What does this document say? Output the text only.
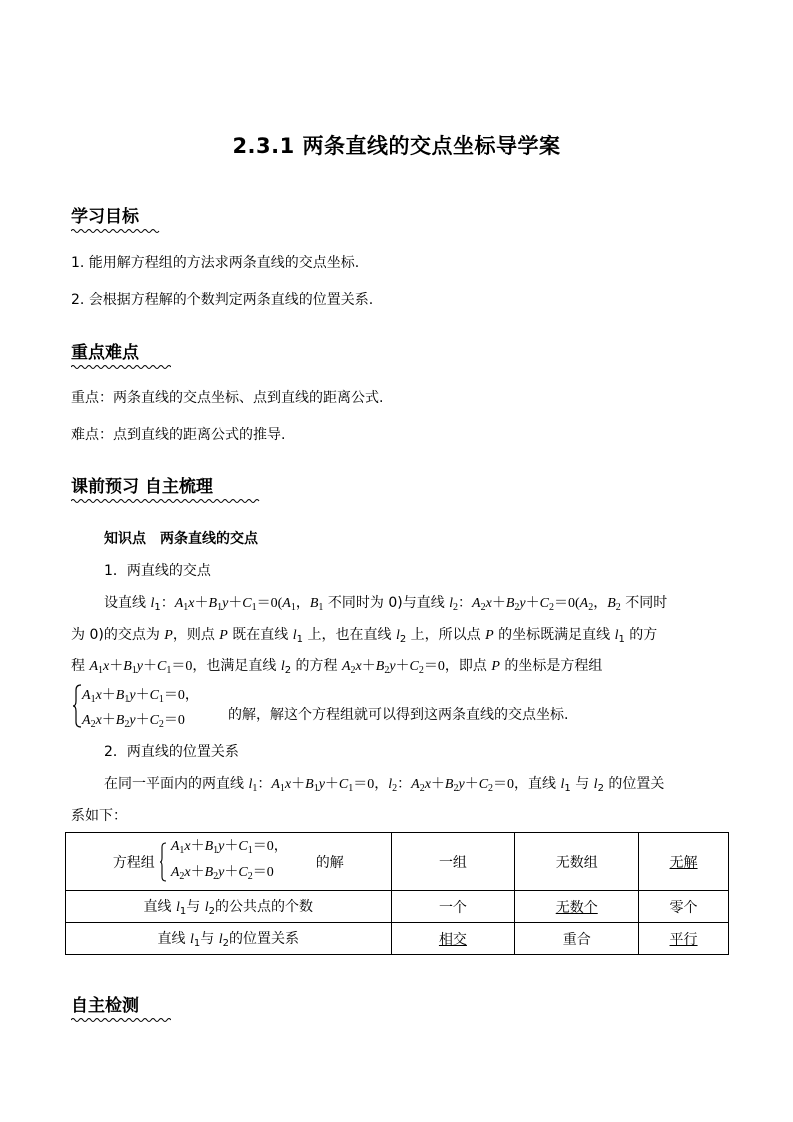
2.3.1 两条直线的交点坐标导学案
学习目标
1. 能用解方程组的方法求两条直线的交点坐标.
2. 会根据方程解的个数判定两条直线的位置关系.
重点难点
重点：两条直线的交点坐标、点到直线的距离公式.
难点：点到直线的距离公式的推导.
课前预习 自主梳理
知识点　两条直线的交点
1．两直线的交点
设直线 $l_1$：$A_1x+B_1y+C_1=0(A_1$，$B_1$ 不同时为 0)与直线 $l_2$：$A_2x+B_2y+C_2=0(A_2$，$B_2$ 不同时
为 0)的交点为 P，则点 P 既在直线 $l_1$ 上，也在直线 $l_2$ 上，所以点 P 的坐标既满足直线 $l_1$ 的方
程 $A_1x+B_1y+C_1=0$，也满足直线 $l_2$ 的方程 $A_2x+B_2y+C_2=0$，即点 P 的坐标是方程组
$A_1x+B_1y+C_1=0$，
$A_2x+B_2y+C_2=0$	的解，解这个方程组就可以得到这两条直线的交点坐标.
2．两直线的位置关系
在同一平面内的两直线 $l_1$：$A_1x+B_1y+C_1=0$，$l_2$：$A_2x+B_2y+C_2=0$，直线 $l_1$ 与 $l_2$ 的位置关
系如下：
方程组
$A_1x+B_1y+C_1=0$，
$A_2x+B_2y+C_2=0$
的解	一组	无数组	无解
直线 $l_1$与 $l_2$的公共点的个数	一个	无数个	零个
直线 $l_1$与 $l_2$的位置关系	相交	重合	平行
自主检测
